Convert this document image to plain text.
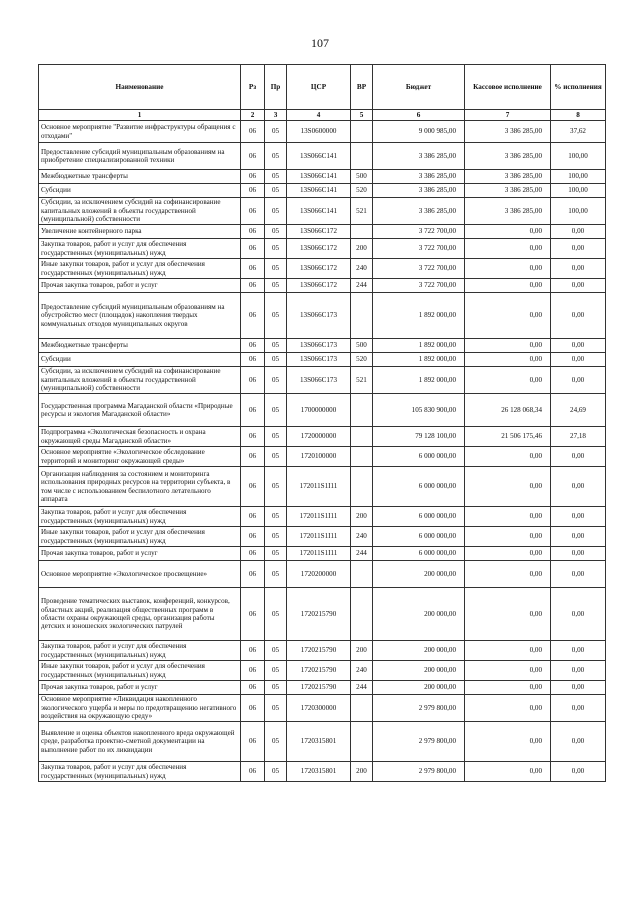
107
Наименование	Рз	Пр	ЦСР	ВР	Бюджет	Кассовое исполнение	% исполнения
1	2	3	4	5	6	7	8
Основное мероприятие "Развитие инфраструктуры обращения с отходами"	06	05	13S0600000		9 000 985,00	3 386 285,00	37,62
Предоставление субсидий муниципальным образованиям на приобретение специализированной техники	06	05	13S066C141		3 386 285,00	3 386 285,00	100,00
Межбюджетные трансферты	06	05	13S066C141	500	3 386 285,00	3 386 285,00	100,00
Субсидии	06	05	13S066C141	520	3 386 285,00	3 386 285,00	100,00
Субсидии, за исключением субсидий на софинансирование капитальных вложений в объекты государственной (муниципальной) собственности	06	05	13S066C141	521	3 386 285,00	3 386 285,00	100,00
Увеличение контейнерного парка	06	05	13S066C172		3 722 700,00	0,00	0,00
Закупка товаров, работ и услуг для обеспечения государственных (муниципальных) нужд	06	05	13S066C172	200	3 722 700,00	0,00	0,00
Иные закупки товаров, работ и услуг для обеспечения государственных (муниципальных) нужд	06	05	13S066C172	240	3 722 700,00	0,00	0,00
Прочая закупка товаров, работ и услуг	06	05	13S066C172	244	3 722 700,00	0,00	0,00
Предоставление субсидий муниципальным образованиям на обустройство мест (площадок) накопления твердых коммунальных отходов муниципальных округов	06	05	13S066C173		1 892 000,00	0,00	0,00
Межбюджетные трансферты	06	05	13S066C173	500	1 892 000,00	0,00	0,00
Субсидии	06	05	13S066C173	520	1 892 000,00	0,00	0,00
Субсидии, за исключением субсидий на софинансирование капитальных вложений в объекты государственной (муниципальной) собственности	06	05	13S066C173	521	1 892 000,00	0,00	0,00
Государственная программа Магаданской области «Природные ресурсы и экология Магаданской области»	06	05	1700000000		105 830 900,00	26 128 068,34	24,69
Подпрограмма «Экологическая безопасность и охрана окружающей среды Магаданской области»	06	05	1720000000		79 128 100,00	21 506 175,46	27,18
Основное мероприятие «Экологическое обследование территорий и мониторинг окружающей среды»	06	05	1720100000		6 000 000,00	0,00	0,00
Организация наблюдения за состоянием и мониторинга использования природных ресурсов на территории субъекта, в том числе с использованием беспилотного летательного аппарата	06	05	172011S1I11		6 000 000,00	0,00	0,00
Закупка товаров, работ и услуг для обеспечения государственных (муниципальных) нужд	06	05	172011S1I11	200	6 000 000,00	0,00	0,00
Иные закупки товаров, работ и услуг для обеспечения государственных (муниципальных) нужд	06	05	172011S1I11	240	6 000 000,00	0,00	0,00
Прочая закупка товаров, работ и услуг	06	05	172011S1I11	244	6 000 000,00	0,00	0,00
Основное мероприятие «Экологическое просвещение»	06	05	1720200000		200 000,00	0,00	0,00
Проведение тематических выставок, конференций, конкурсов, областных акций, реализация общественных программ в области охраны окружающей среды, организация работы детских и юношеских экологических патрулей	06	05	1720215790		200 000,00	0,00	0,00
Закупка товаров, работ и услуг для обеспечения государственных (муниципальных) нужд	06	05	1720215790	200	200 000,00	0,00	0,00
Иные закупки товаров, работ и услуг для обеспечения государственных (муниципальных) нужд	06	05	1720215790	240	200 000,00	0,00	0,00
Прочая закупка товаров, работ и услуг	06	05	1720215790	244	200 000,00	0,00	0,00
Основное мероприятие «Ликвидация накопленного экологического ущерба и меры по предотвращению негативного воздействия на окружающую среду»	06	05	1720300000		2 979 800,00	0,00	0,00
Выявление и оценка объектов накопленного вреда окружающей среде, разработка проектно-сметной документации на выполнение работ по их ликвидации	06	05	1720315801		2 979 800,00	0,00	0,00
Закупка товаров, работ и услуг для обеспечения государственных (муниципальных) нужд	06	05	1720315801	200	2 979 800,00	0,00	0,00
